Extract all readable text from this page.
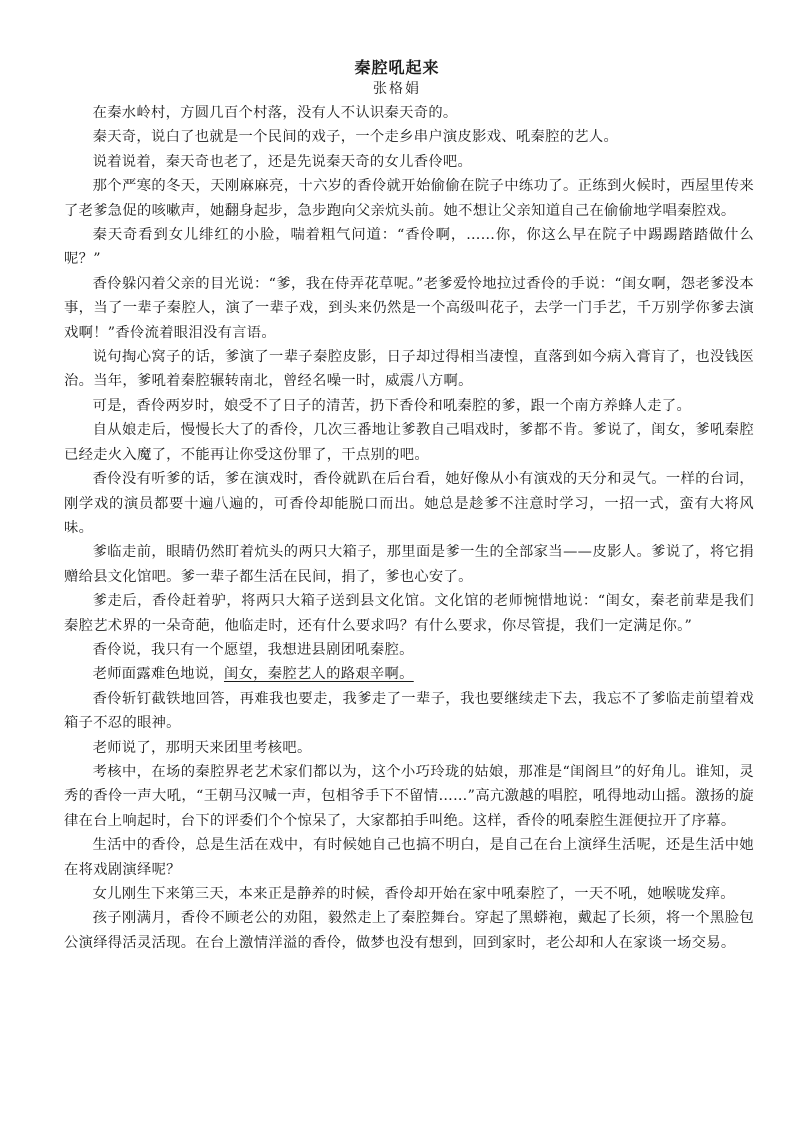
秦腔吼起来
张格娟

在秦水岭村，方圆几百个村落，没有人不认识秦天奇的。

秦天奇，说白了也就是一个民间的戏子，一个走乡串户演皮影戏、吼秦腔的艺人。

说着说着，秦天奇也老了，还是先说秦天奇的女儿香伶吧。

那个严寒的冬天，天刚麻麻亮，十六岁的香伶就开始偷偷在院子中练功了。正练到火候时，西屋里传来了老爹急促的咳嗽声，她翻身起步，急步跑向父亲炕头前。她不想让父亲知道自己在偷偷地学唱秦腔戏。

秦天奇看到女儿绯红的小脸，喘着粗气问道：“香伶啊，……你，你这么早在院子中踢踢踏踏做什么呢？”

香伶躲闪着父亲的目光说：“爹，我在侍弄花草呢。”老爹爱怜地拉过香伶的手说：“闺女啊，怨老爹没本事，当了一辈子秦腔人，演了一辈子戏，到头来仍然是一个高级叫花子，去学一门手艺，千万别学你爹去演戏啊！”香伶流着眼泪没有言语。

说句掏心窝子的话，爹演了一辈子秦腔皮影，日子却过得相当凄惶，直落到如今病入膏肓了，也没钱医治。当年，爹吼着秦腔辗转南北，曾经名噪一时，威震八方啊。

可是，香伶两岁时，娘受不了日子的清苦，扔下香伶和吼秦腔的爹，跟一个南方养蜂人走了。

自从娘走后，慢慢长大了的香伶，几次三番地让爹教自己唱戏时，爹都不肯。爹说了，闺女，爹吼秦腔已经走火入魔了，不能再让你受这份罪了，干点别的吧。

香伶没有听爹的话，爹在演戏时，香伶就趴在后台看，她好像从小有演戏的天分和灵气。一样的台词，刚学戏的演员都要十遍八遍的，可香伶却能脱口而出。她总是趁爹不注意时学习，一招一式，蛮有大将风味。

爹临走前，眼睛仍然盯着炕头的两只大箱子，那里面是爹一生的全部家当——皮影人。爹说了，将它捐赠给县文化馆吧。爹一辈子都生活在民间，捐了，爹也心安了。

爹走后，香伶赶着驴，将两只大箱子送到县文化馆。文化馆的老师惋惜地说：“闺女，秦老前辈是我们秦腔艺术界的一朵奇葩，他临走时，还有什么要求吗？有什么要求，你尽管提，我们一定满足你。”

香伶说，我只有一个愿望，我想进县剧团吼秦腔。

老师面露难色地说，闺女，秦腔艺人的路艰辛啊。

香伶斩钉截铁地回答，再难我也要走，我爹走了一辈子，我也要继续走下去，我忘不了爹临走前望着戏箱子不忍的眼神。

老师说了，那明天来团里考核吧。

考核中，在场的秦腔界老艺术家们都以为，这个小巧玲珑的姑娘，那准是“闺阁旦”的好角儿。谁知，灵秀的香伶一声大吼，“王朝马汉喊一声，包相爷手下不留情……”高亢激越的唱腔，吼得地动山摇。激扬的旋律在台上响起时，台下的评委们个个惊呆了，大家都拍手叫绝。这样，香伶的吼秦腔生涯便拉开了序幕。

生活中的香伶，总是生活在戏中，有时候她自己也搞不明白，是自己在台上演绎生活呢，还是生活中她在将戏剧演绎呢？

女儿刚生下来第三天，本来正是静养的时候，香伶却开始在家中吼秦腔了，一天不吼，她喉咙发痒。

孩子刚满月，香伶不顾老公的劝阻，毅然走上了秦腔舞台。穿起了黑蟒袍，戴起了长须，将一个黑脸包公演绎得活灵活现。在台上激情洋溢的香伶，做梦也没有想到，回到家时，老公却和人在家谈一场交易。
